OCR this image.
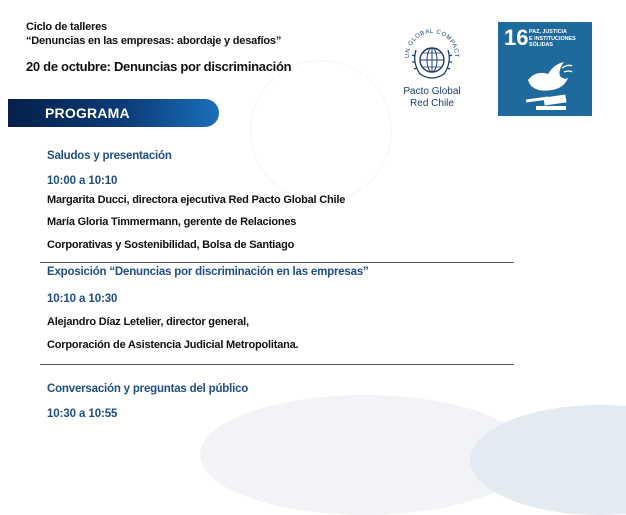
Ciclo de talleres
“Denuncias en las empresas: abordaje y desafíos”
20 de octubre: Denuncias por discriminación
UN GLOBAL COMPACT
Pacto Global
Red Chile
16 PAZ, JUSTICIA
E INSTITUCIONES
SÓLIDAS
PROGRAMA
Saludos y presentación
10:00 a 10:10
Margarita Ducci, directora ejecutiva Red Pacto Global Chile
María Gloria Timmermann, gerente de Relaciones
Corporativas y Sostenibilidad, Bolsa de Santiago
Exposición “Denuncias por discriminación en las empresas”
10:10 a 10:30
Alejandro Díaz Letelier, director general,
Corporación de Asistencia Judicial Metropolitana.
Conversación y preguntas del público
10:30 a 10:55
